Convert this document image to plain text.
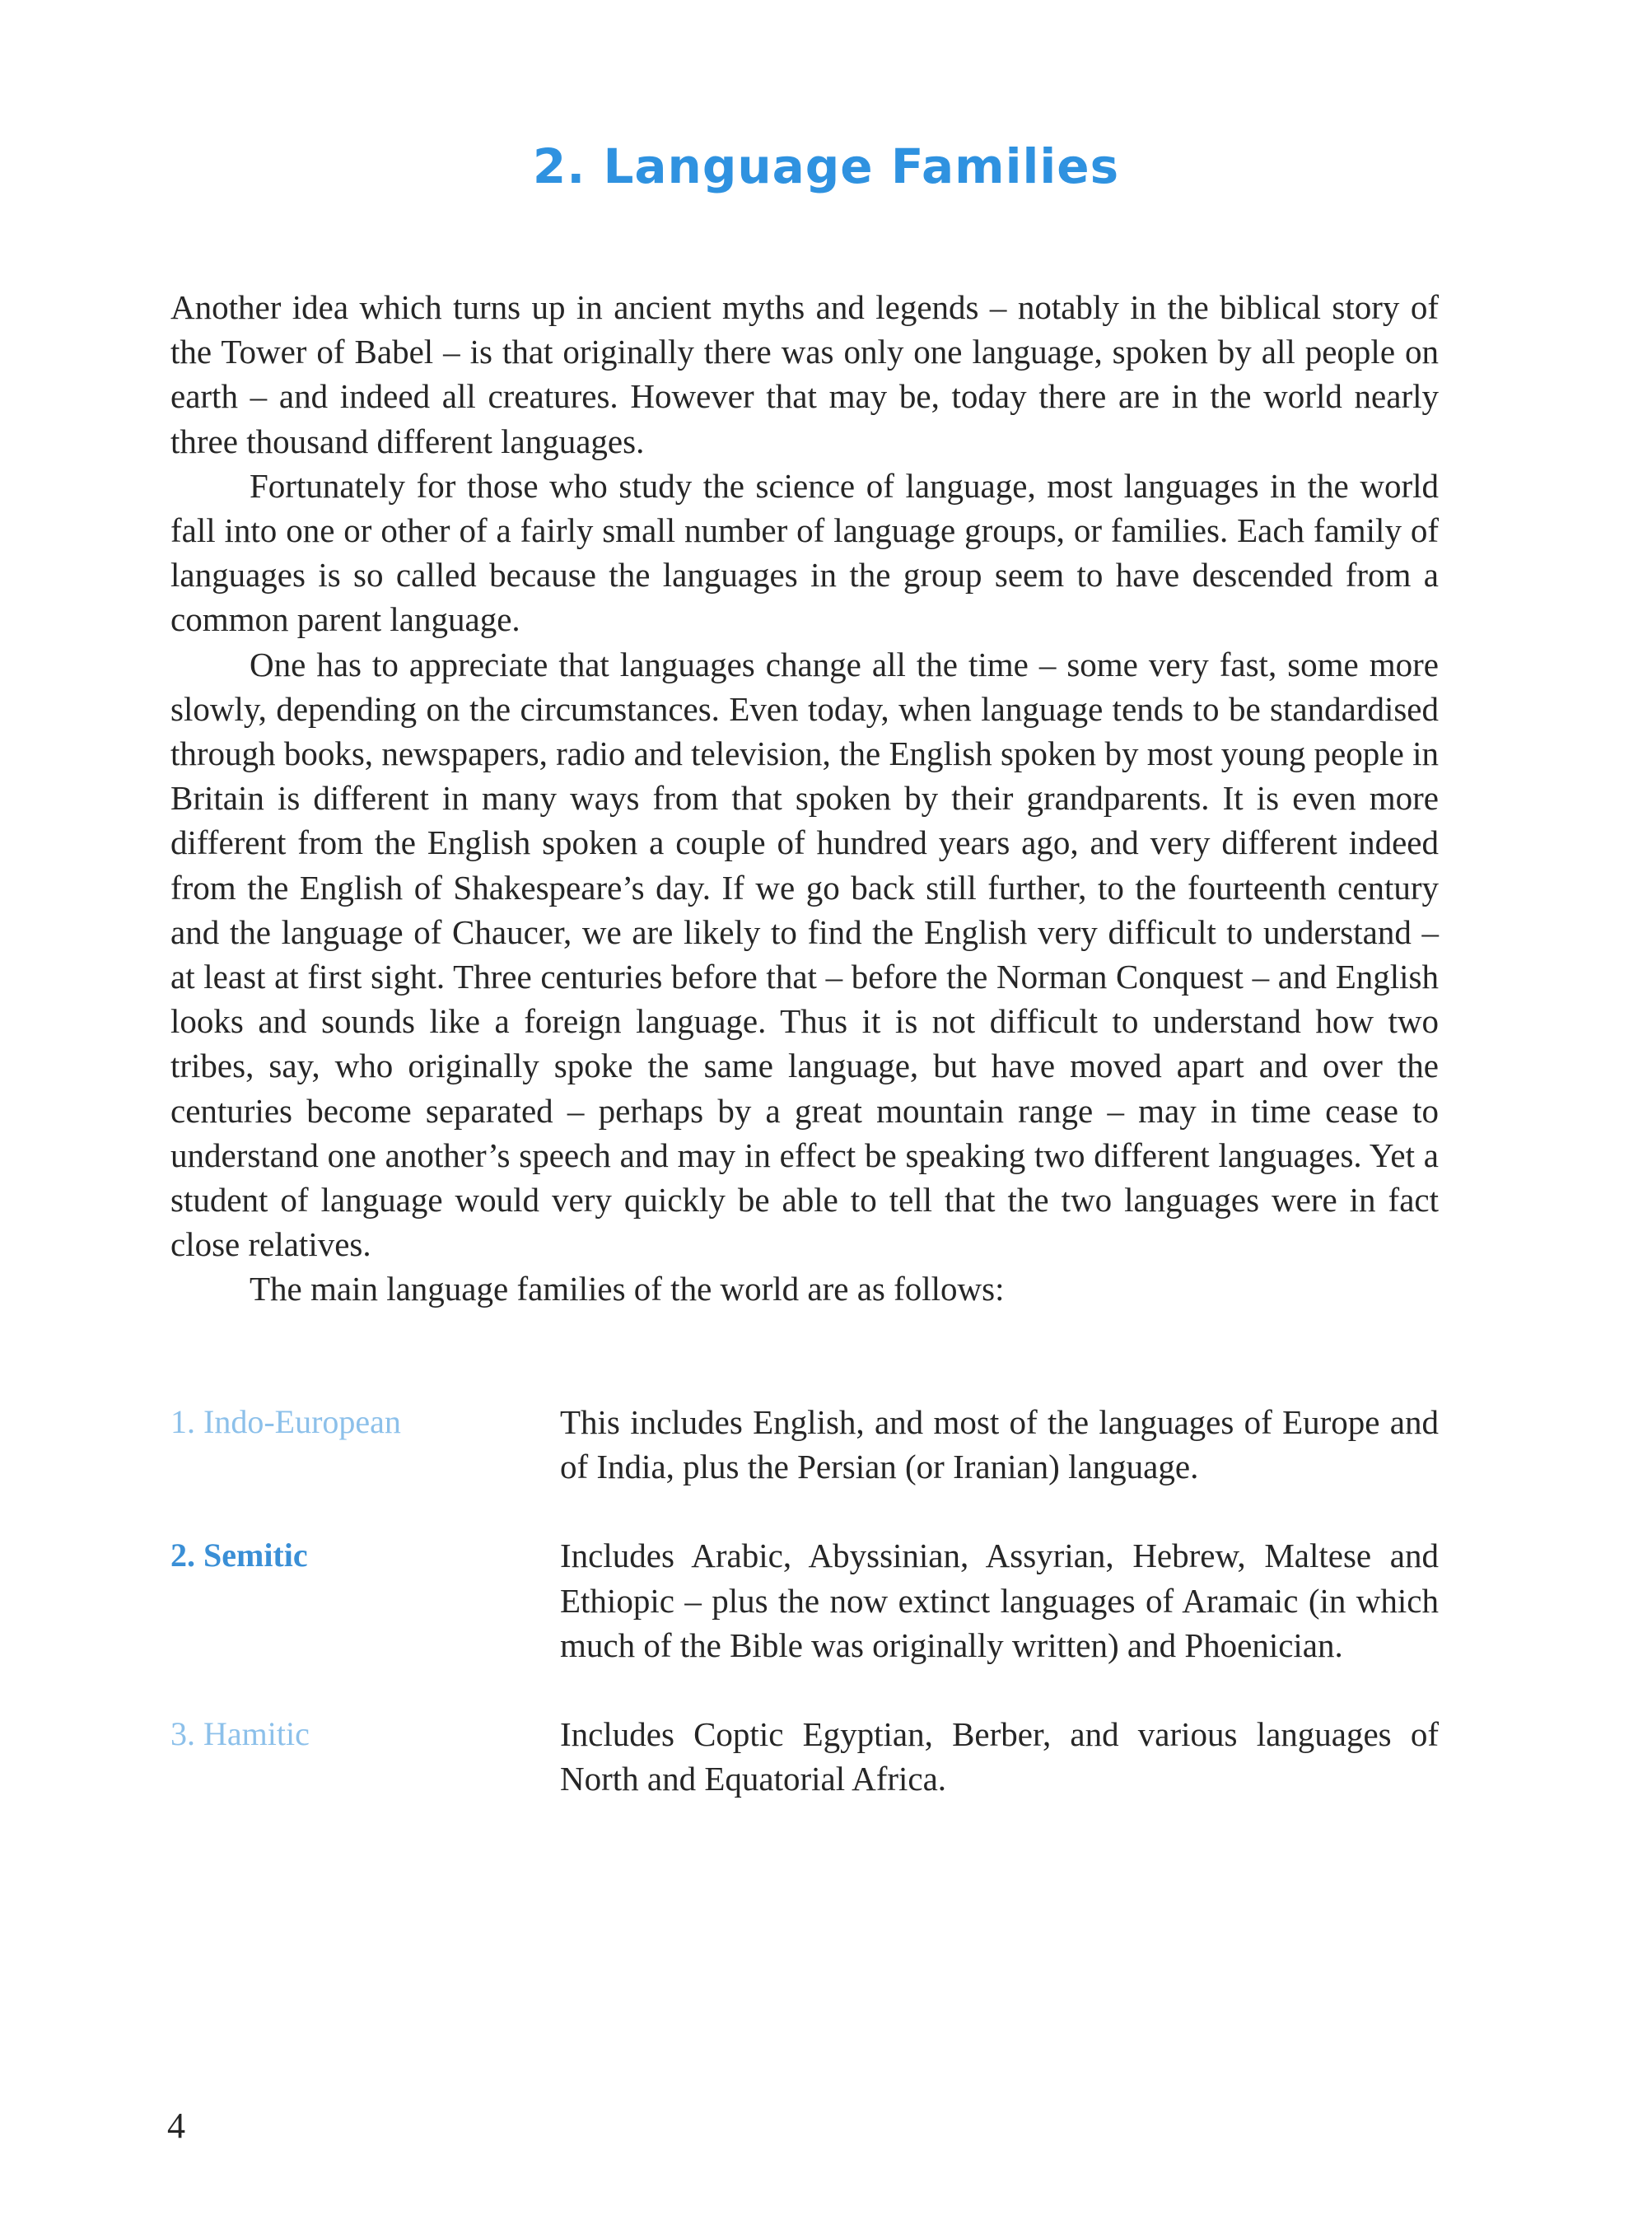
2. Language Families

Another idea which turns up in ancient myths and legends – notably in the biblical story of the Tower of Babel – is that originally there was only one language, spoken by all people on earth – and indeed all creatures. However that may be, today there are in the world nearly three thousand different languages.

Fortunately for those who study the science of language, most languages in the world fall into one or other of a fairly small number of language groups, or families. Each family of languages is so called because the languages in the group seem to have descended from a common parent language.

One has to appreciate that languages change all the time – some very fast, some more slowly, depending on the circumstances. Even today, when language tends to be standardised through books, newspapers, radio and television, the English spoken by most young people in Britain is different in many ways from that spoken by their grandparents. It is even more different from the English spoken a couple of hundred years ago, and very different indeed from the English of Shakespeare’s day. If we go back still further, to the fourteenth century and the language of Chaucer, we are likely to find the English very difficult to understand – at least at first sight. Three centuries before that – before the Norman Conquest – and English looks and sounds like a foreign language. Thus it is not difficult to understand how two tribes, say, who originally spoke the same language, but have moved apart and over the centuries become separated – perhaps by a great mountain range – may in time cease to understand one another’s speech and may in effect be speaking two different languages. Yet a student of language would very quickly be able to tell that the two languages were in fact close relatives.

The main language families of the world are as follows:

1. Indo-European	This includes English, and most of the languages of Europe and of India, plus the Persian (or Iranian) language.
2. Semitic	Includes Arabic, Abyssinian, Assyrian, Hebrew, Maltese and Ethiopic – plus the now extinct languages of Aramaic (in which much of the Bible was originally written) and Phoenician.
3. Hamitic	Includes Coptic Egyptian, Berber, and various languages of North and Equatorial Africa.
4
